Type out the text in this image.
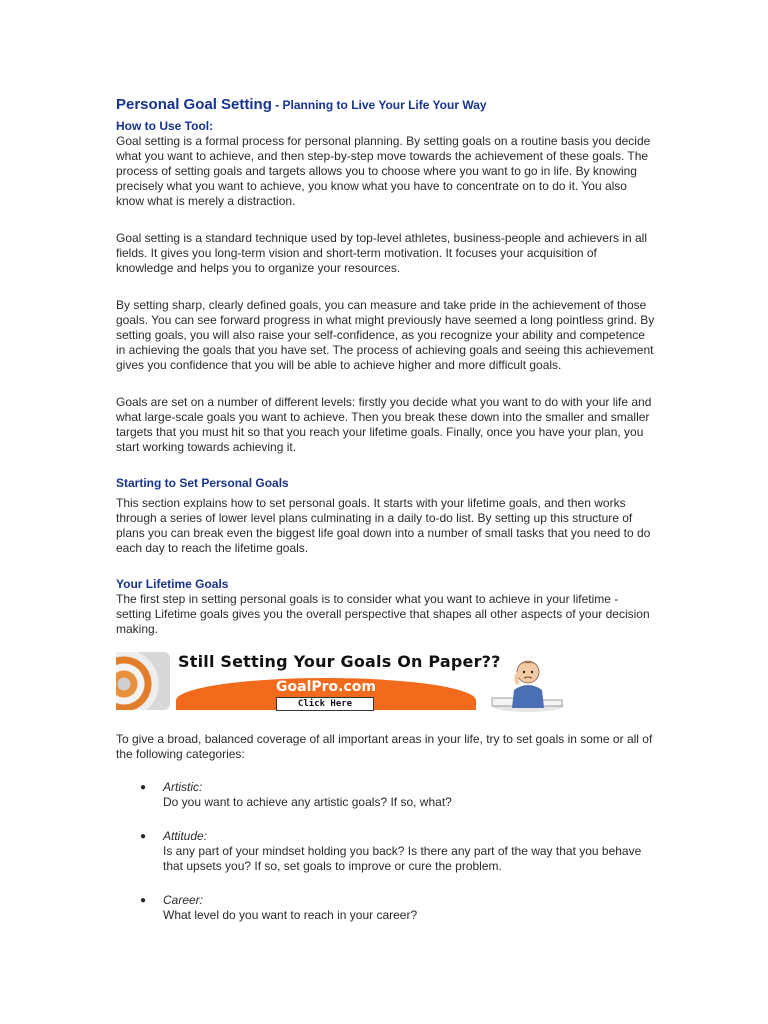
Personal Goal Setting - Planning to Live Your Life Your Way
How to Use Tool:

Goal setting is a formal process for personal planning. By setting goals on a routine basis you decide what you want to achieve, and then step-by-step move towards the achievement of these goals. The process of setting goals and targets allows you to choose where you want to go in life. By knowing precisely what you want to achieve, you know what you have to concentrate on to do it. You also know what is merely a distraction.

Goal setting is a standard technique used by top-level athletes, business-people and achievers in all fields. It gives you long-term vision and short-term motivation. It focuses your acquisition of knowledge and helps you to organize your resources.

By setting sharp, clearly defined goals, you can measure and take pride in the achievement of those goals. You can see forward progress in what might previously have seemed a long pointless grind. By setting goals, you will also raise your self-confidence, as you recognize your ability and competence in achieving the goals that you have set. The process of achieving goals and seeing this achievement gives you confidence that you will be able to achieve higher and more difficult goals.

Goals are set on a number of different levels: firstly you decide what you want to do with your life and what large-scale goals you want to achieve. Then you break these down into the smaller and smaller targets that you must hit so that you reach your lifetime goals. Finally, once you have your plan, you start working towards achieving it.

Starting to Set Personal Goals

This section explains how to set personal goals. It starts with your lifetime goals, and then works through a series of lower level plans culminating in a daily to-do list. By setting up this structure of plans you can break even the biggest life goal down into a number of small tasks that you need to do each day to reach the lifetime goals.

Your Lifetime Goals

The first step in setting personal goals is to consider what you want to achieve in your lifetime - setting Lifetime goals gives you the overall perspective that shapes all other aspects of your decision making.

Still Setting Your Goals On Paper??
GoalPro.com
Click Here

To give a broad, balanced coverage of all important areas in your life, try to set goals in some or all of the following categories:

● Artistic:
Do you want to achieve any artistic goals? If so, what?
● Attitude:
Is any part of your mindset holding you back? Is there any part of the way that you behave that upsets you? If so, set goals to improve or cure the problem.
● Career:
What level do you want to reach in your career?
